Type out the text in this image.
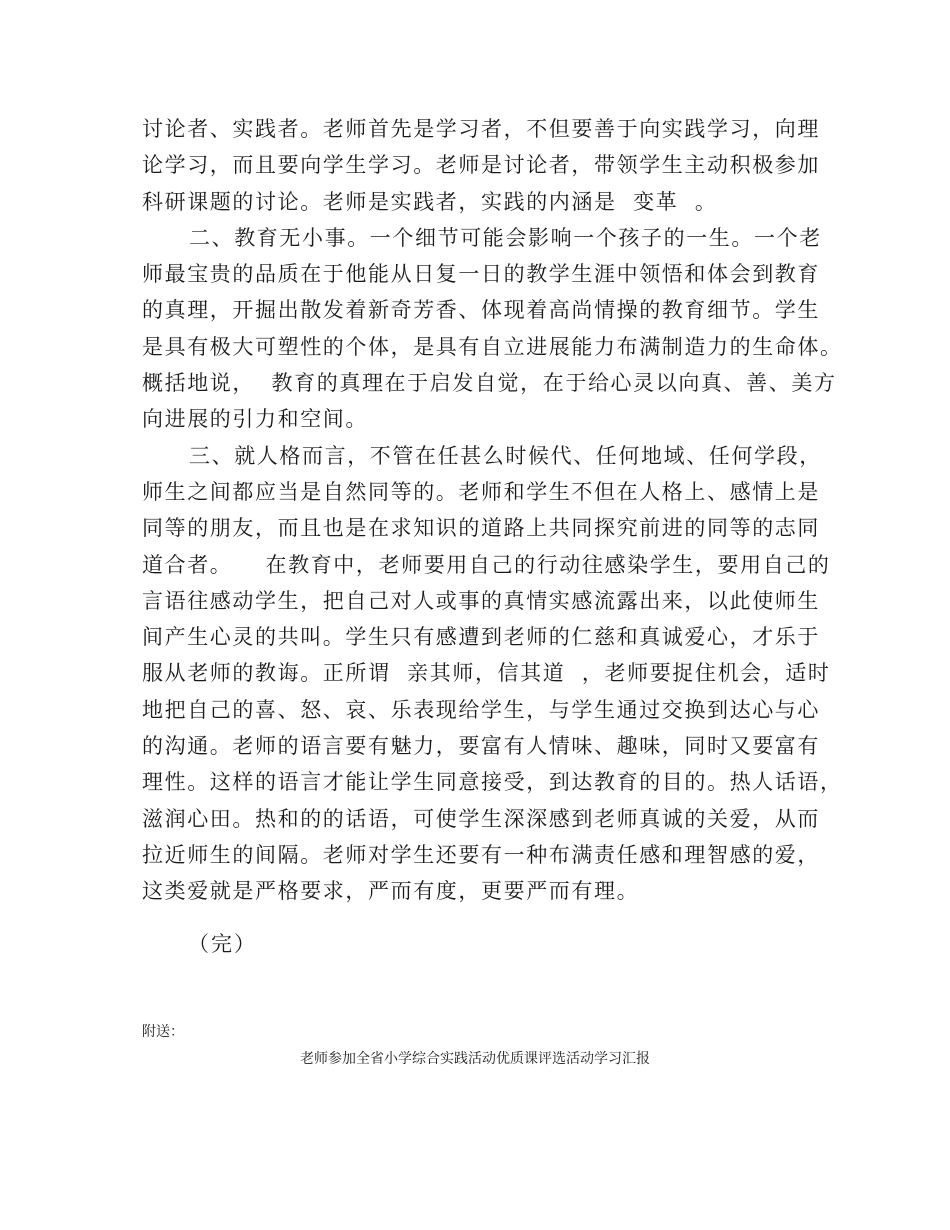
讨论者、实践者。老师首先是学习者，不但要善于向实践学习，向理
论学习，而且要向学生学习。老师是讨论者，带领学生主动积极参加
科研课题的讨论。老师是实践者，实践的内涵是  变革  。
二、教育无小事。一个细节可能会影响一个孩子的一生。一个老
师最宝贵的品质在于他能从日复一日的教学生涯中领悟和体会到教育
的真理，开掘出散发着新奇芳香、体现着高尚情操的教育细节。学生
是具有极大可塑性的个体，是具有自立进展能力布满制造力的生命体。
概括地说，  教育的真理在于启发自觉，在于给心灵以向真、善、美方
向进展的引力和空间。
三、就人格而言，不管在任甚么时候代、任何地域、任何学段，
师生之间都应当是自然同等的。老师和学生不但在人格上、感情上是
同等的朋友，而且也是在求知识的道路上共同探究前进的同等的志同
道合者。    在教育中，老师要用自己的行动往感染学生，要用自己的
言语往感动学生，把自己对人或事的真情实感流露出来，以此使师生
间产生心灵的共叫。学生只有感遭到老师的仁慈和真诚爱心，才乐于
服从老师的教诲。正所谓  亲其师，信其道  ，老师要捉住机会，适时
地把自己的喜、怒、哀、乐表现给学生，与学生通过交换到达心与心
的沟通。老师的语言要有魅力，要富有人情味、趣味，同时又要富有
理性。这样的语言才能让学生同意接受，到达教育的目的。热人话语，
滋润心田。热和的的话语，可使学生深深感到老师真诚的关爱，从而
拉近师生的间隔。老师对学生还要有一种布满责任感和理智感的爱，
这类爱就是严格要求，严而有度，更要严而有理。
（完）
附送：
老师参加全省小学综合实践活动优质课评选活动学习汇报
